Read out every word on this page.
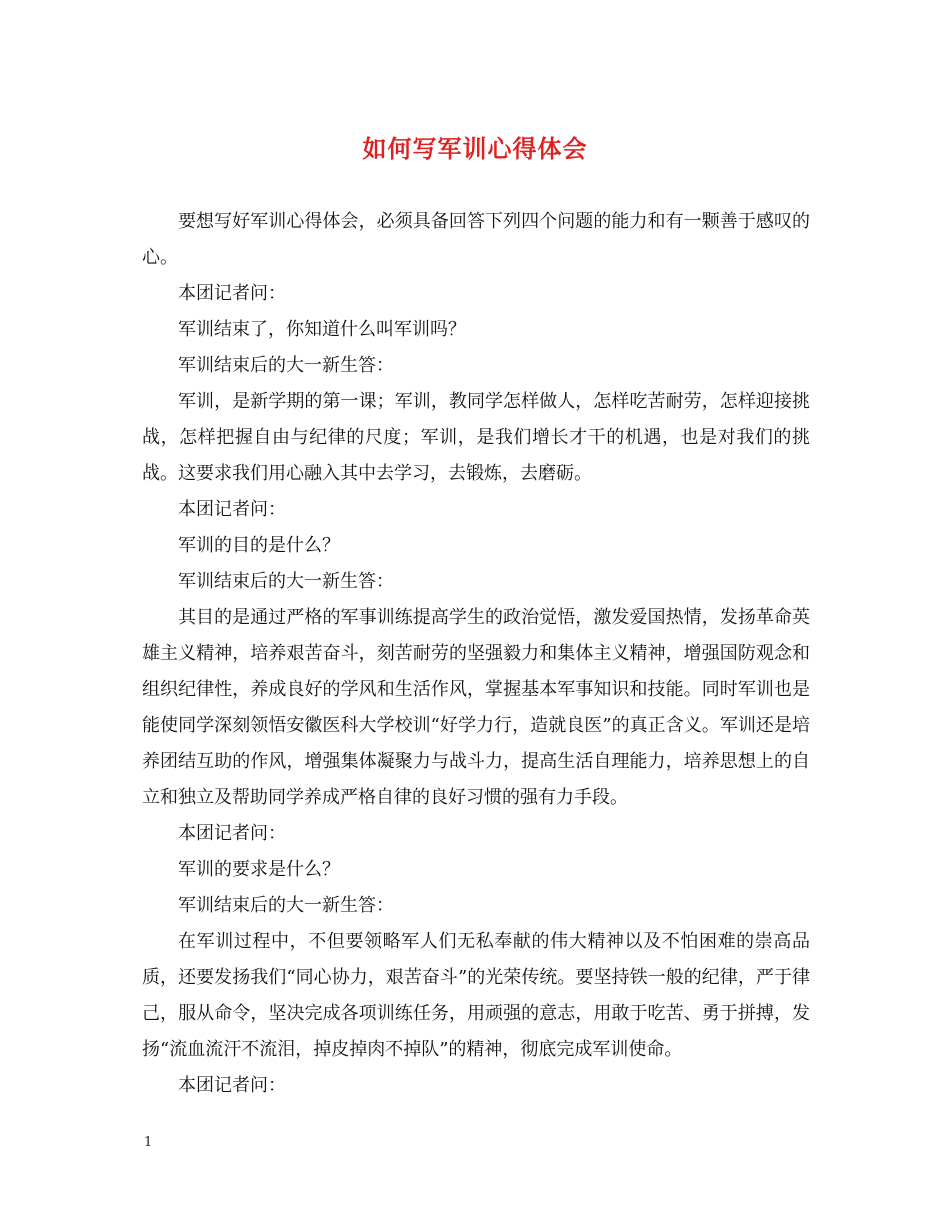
如何写军训心得体会

要想写好军训心得体会，必须具备回答下列四个问题的能力和有一颗善于感叹的心。

本团记者问：

军训结束了，你知道什么叫军训吗？

军训结束后的大一新生答：

军训，是新学期的第一课；军训，教同学怎样做人，怎样吃苦耐劳，怎样迎接挑战，怎样把握自由与纪律的尺度；军训，是我们增长才干的机遇，也是对我们的挑战。这要求我们用心融入其中去学习，去锻炼，去磨砺。

本团记者问：

军训的目的是什么？

军训结束后的大一新生答：

其目的是通过严格的军事训练提高学生的政治觉悟，激发爱国热情，发扬革命英雄主义精神，培养艰苦奋斗，刻苦耐劳的坚强毅力和集体主义精神，增强国防观念和组织纪律性，养成良好的学风和生活作风，掌握基本军事知识和技能。同时军训也是能使同学深刻领悟安徽医科大学校训“好学力行，造就良医”的真正含义。军训还是培养团结互助的作风，增强集体凝聚力与战斗力，提高生活自理能力，培养思想上的自立和独立及帮助同学养成严格自律的良好习惯的强有力手段。

本团记者问：

军训的要求是什么？

军训结束后的大一新生答：

在军训过程中，不但要领略军人们无私奉献的伟大精神以及不怕困难的崇高品质，还要发扬我们“同心协力，艰苦奋斗”的光荣传统。要坚持铁一般的纪律，严于律己，服从命令，坚决完成各项训练任务，用顽强的意志，用敢于吃苦、勇于拼搏，发扬“流血流汗不流泪，掉皮掉肉不掉队”的精神，彻底完成军训使命。

本团记者问：

1
